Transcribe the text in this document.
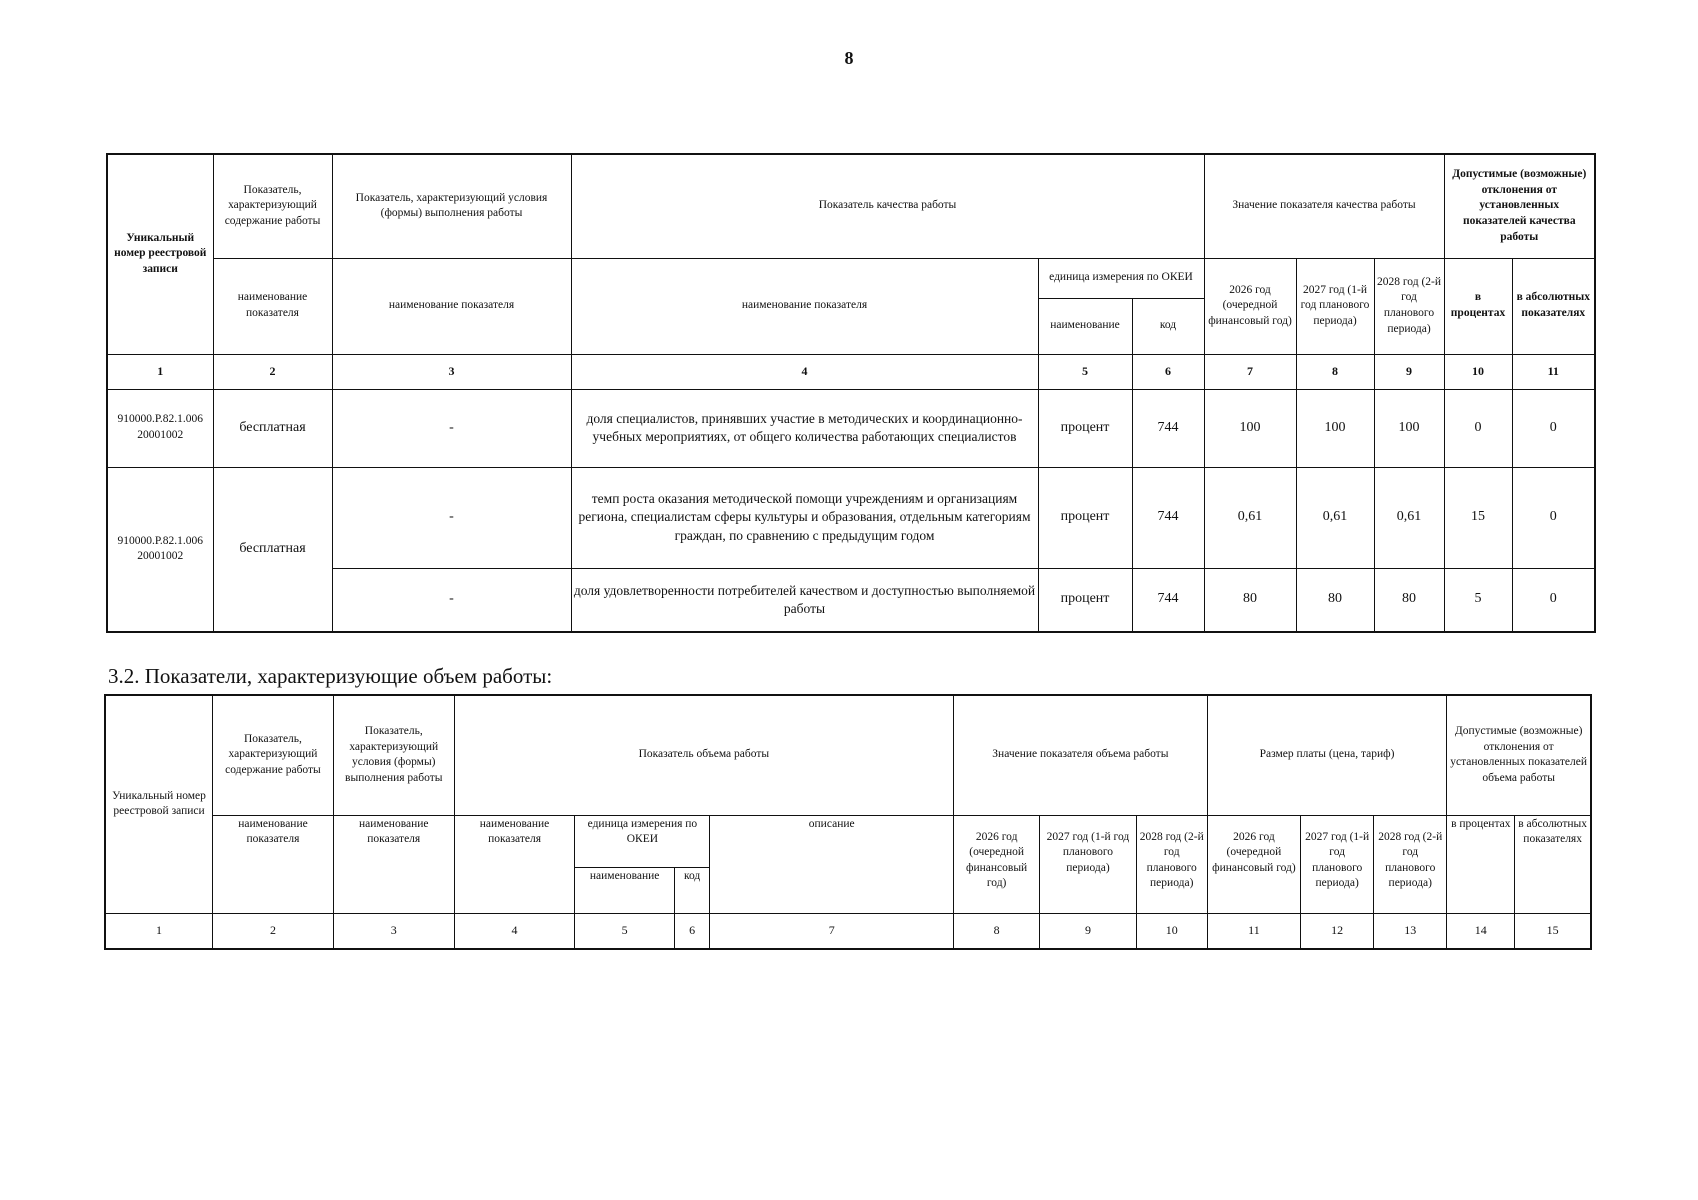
8
Уникальный номер реестровой записи	Показатель, характеризующий содержание работы	Показатель, характеризующий условия (формы) выполнения работы	Показатель качества работы			Значение показателя качества работы			Допустимые (возможные) отклонения от установленных показателей качества работы	
	наименование показателя	наименование показателя	наименование показателя	единица измерения по ОКЕИ		2026 год (очередной финансовый год)	2027 год (1-й год планового периода)	2028 год (2-й год планового периода)	в процентах	в абсолютных показателях
				наименование	код					
1	2	3	4	5	6	7	8	9	10	11
910000.Р.82.1.006 20001002	бесплатная	-	доля специалистов, принявших участие в методических и координационно-учебных мероприятиях, от общего количества работающих специалистов	процент	744	100	100	100	0	0
910000.Р.82.1.006 20001002	бесплатная	-	темп роста оказания методической помощи учреждениям и организациям региона, специалистам сферы культуры и образования, отдельным категориям граждан, по сравнению с предыдущим годом	процент	744	0,61	0,61	0,61	15	0
		-	доля удовлетворенности потребителей качеством и доступностью выполняемой работы	процент	744	80	80	80	5	0
3.2. Показатели, характеризующие объем работы:
Уникальный номер реестровой записи	Показатель, характеризующий содержание работы	Показатель, характеризующий условия (формы) выполнения работы	Показатель объема работы				Значение показателя объема работы			Размер платы (цена, тариф)			Допустимые (возможные) отклонения от установленных показателей объема работы	
	наименование показателя	наименование показателя	наименование показателя	единица измерения по ОКЕИ		описание	2026 год (очередной финансовый год)	2027 год (1-й год планового периода)	2028 год (2-й год планового периода)	2026 год (очередной финансовый год)	2027 год (1-й год планового периода)	2028 год (2-й год планового периода)	в процентах	в абсолютных показателях
				наименование	код									
1	2	3	4	5	6	7	8	9	10	11	12	13	14	15
